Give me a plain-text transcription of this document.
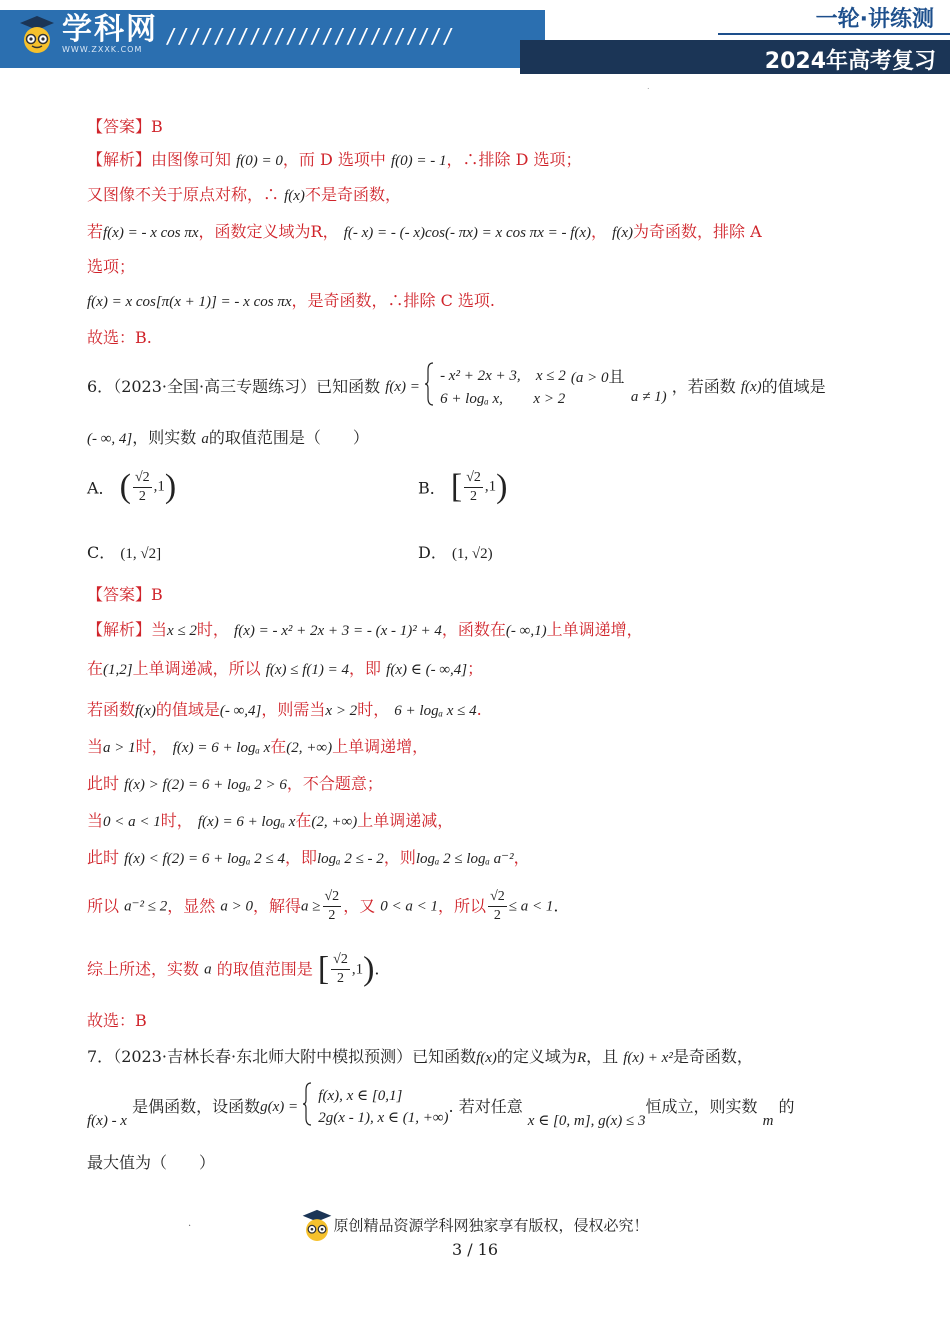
学科网
WWW.ZXXK.COM
////////////////////////
一轮·讲练测
2024年高考复习
.
【答案】B
【解析】由图像可知 f(0) = 0，而 D 选项中 f(0) = - 1，∴排除 D 选项；
又图像不关于原点对称，∴ f(x)不是奇函数，
若f(x) = - x cos πx，函数定义域为R， f(- x) = - (- x)cos(- πx) = x cos πx = - f(x)， f(x)为奇函数，排除 A
选项；
f(x) = x cos[π(x + 1)] = - x cos πx，是奇函数，∴排除 C 选项.
故选：B.
6．（2023·全国·高三专题练习）已知函数 f(x) =
- x² + 2x + 3, x ≤ 2
6 + logₐ x, x > 2

(a > 0且
a ≠ 1)
，若函数 f(x)的值域是
(- ∞, 4]，则实数 a的取值范围是（　　）
A． ( $\frac{√2}{2} ,1$)	B． [ $\frac{√2}{2} ,1$)
C． (1, √2]	D． (1, √2)
【答案】B
【解析】当x ≤ 2时， f(x) = - x² + 2x + 3 = - (x - 1)² + 4，函数在(- ∞,1)上单调递增，
在(1,2]上单调递减，所以 f(x) ≤ f(1) = 4，即 f(x) ∈ (- ∞,4]；
若函数f(x)的值域是(- ∞,4]，则需当x > 2时， 6 + logₐ x ≤ 4.
当a > 1时， f(x) = 6 + logₐ x在(2, +∞)上单调递增，
此时 f(x) > f(2) = 6 + logₐ 2 > 6，不合题意；
当0 < a < 1时， f(x) = 6 + logₐ x在(2, +∞)上单调递减，
此时 f(x) < f(2) = 6 + logₐ 2 ≤ 4，即logₐ 2 ≤ - 2，则logₐ 2 ≤ logₐ a⁻²，
所以 a⁻² ≤ 2，显然 a > 0，解得$a \ge \frac{√2}{2}$ ，又 0 < a < 1，所以 $\frac{√2}{2} \le a < 1$.
综上所述，实数 a 的取值范围是 [ $\frac{√2}{2} ,1$).
故选：B
7．（2023·吉林长春·东北师大附中模拟预测）已知函数f(x)的定义域为R，且 f(x) + x²是奇函数，
f(x) - x 是偶函数，设函数g(x) =
f(x), x ∈ [0,1]
2g(x - 1), x ∈ (1, +∞)
. 若对任意 x ∈ [0, m], g(x) ≤ 3恒成立，则实数 m 的
最大值为（　　）
.	原创精品资源学科网独家享有版权，侵权必究！
3 / 16
